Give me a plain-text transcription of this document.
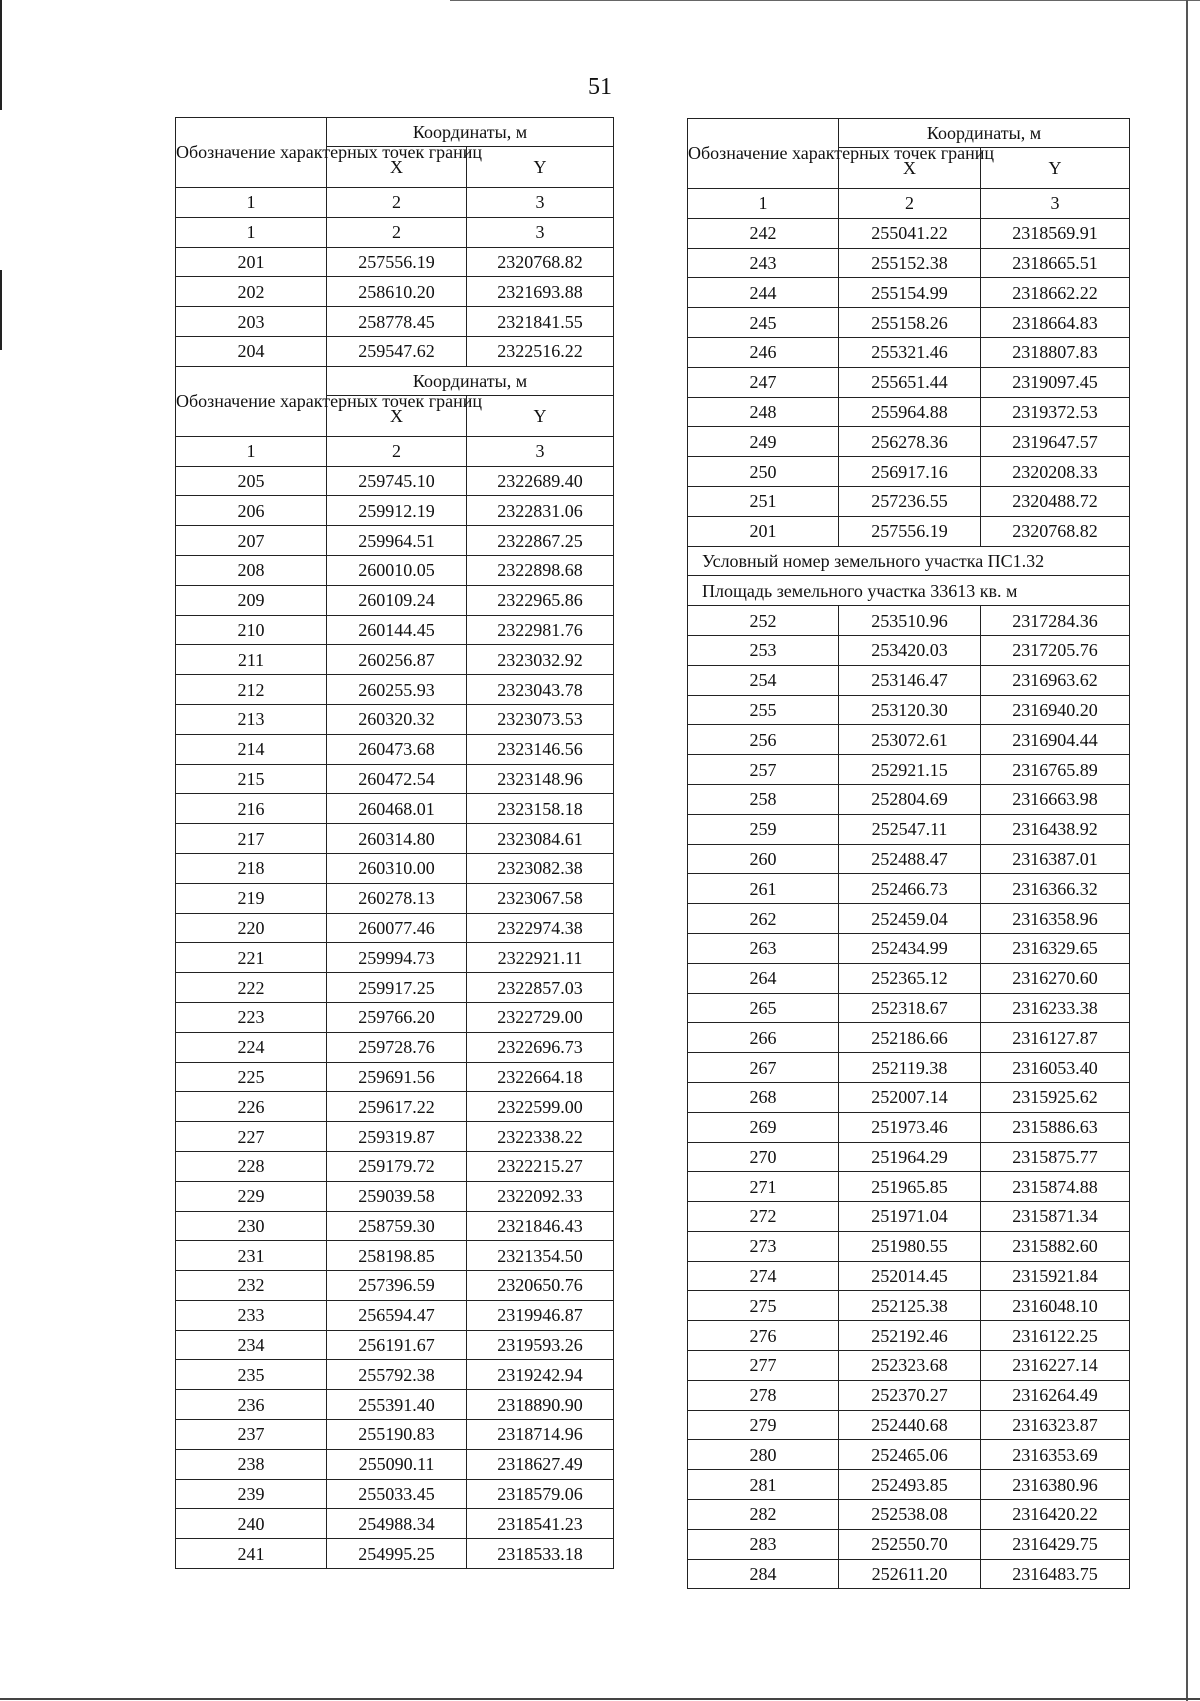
51
Обозначение характерных точек границ	Координаты, м	
	X	Y
1	2	3
1	2	3
201	257556.19	2320768.82
202	258610.20	2321693.88
203	258778.45	2321841.55
204	259547.62	2322516.22
Обозначение характерных точек границ	Координаты, м	
	X	Y
1	2	3
205	259745.10	2322689.40
206	259912.19	2322831.06
207	259964.51	2322867.25
208	260010.05	2322898.68
209	260109.24	2322965.86
210	260144.45	2322981.76
211	260256.87	2323032.92
212	260255.93	2323043.78
213	260320.32	2323073.53
214	260473.68	2323146.56
215	260472.54	2323148.96
216	260468.01	2323158.18
217	260314.80	2323084.61
218	260310.00	2323082.38
219	260278.13	2323067.58
220	260077.46	2322974.38
221	259994.73	2322921.11
222	259917.25	2322857.03
223	259766.20	2322729.00
224	259728.76	2322696.73
225	259691.56	2322664.18
226	259617.22	2322599.00
227	259319.87	2322338.22
228	259179.72	2322215.27
229	259039.58	2322092.33
230	258759.30	2321846.43
231	258198.85	2321354.50
232	257396.59	2320650.76
233	256594.47	2319946.87
234	256191.67	2319593.26
235	255792.38	2319242.94
236	255391.40	2318890.90
237	255190.83	2318714.96
238	255090.11	2318627.49
239	255033.45	2318579.06
240	254988.34	2318541.23
241	254995.25	2318533.18
Обозначение характерных точек границ	Координаты, м	
	X	Y
1	2	3
242	255041.22	2318569.91
243	255152.38	2318665.51
244	255154.99	2318662.22
245	255158.26	2318664.83
246	255321.46	2318807.83
247	255651.44	2319097.45
248	255964.88	2319372.53
249	256278.36	2319647.57
250	256917.16	2320208.33
251	257236.55	2320488.72
201	257556.19	2320768.82
Условный номер земельного участка ПС1.32		
Площадь земельного участка 33613 кв. м		
252	253510.96	2317284.36
253	253420.03	2317205.76
254	253146.47	2316963.62
255	253120.30	2316940.20
256	253072.61	2316904.44
257	252921.15	2316765.89
258	252804.69	2316663.98
259	252547.11	2316438.92
260	252488.47	2316387.01
261	252466.73	2316366.32
262	252459.04	2316358.96
263	252434.99	2316329.65
264	252365.12	2316270.60
265	252318.67	2316233.38
266	252186.66	2316127.87
267	252119.38	2316053.40
268	252007.14	2315925.62
269	251973.46	2315886.63
270	251964.29	2315875.77
271	251965.85	2315874.88
272	251971.04	2315871.34
273	251980.55	2315882.60
274	252014.45	2315921.84
275	252125.38	2316048.10
276	252192.46	2316122.25
277	252323.68	2316227.14
278	252370.27	2316264.49
279	252440.68	2316323.87
280	252465.06	2316353.69
281	252493.85	2316380.96
282	252538.08	2316420.22
283	252550.70	2316429.75
284	252611.20	2316483.75
